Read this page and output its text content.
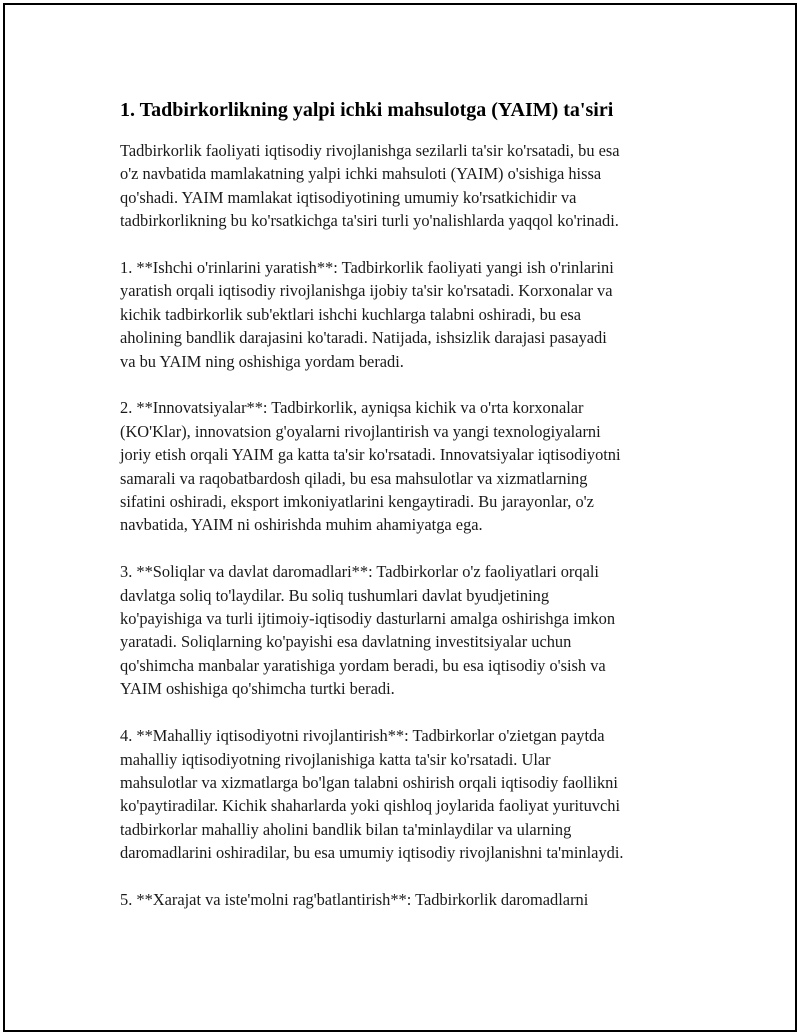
1. Tadbirkorlikning yalpi ichki mahsulotga (YAIM) ta'siri

Tadbirkorlik faoliyati iqtisodiy rivojlanishga sezilarli ta'sir ko'rsatadi, bu esa
o'z navbatida mamlakatning yalpi ichki mahsuloti (YAIM) o'sishiga hissa
qo'shadi. YAIM mamlakat iqtisodiyotining umumiy ko'rsatkichidir va
tadbirkorlikning bu ko'rsatkichga ta'siri turli yo'nalishlarda yaqqol ko'rinadi.

1. **Ishchi o'rinlarini yaratish**: Tadbirkorlik faoliyati yangi ish o'rinlarini
yaratish orqali iqtisodiy rivojlanishga ijobiy ta'sir ko'rsatadi. Korxonalar va
kichik tadbirkorlik sub'ektlari ishchi kuchlarga talabni oshiradi, bu esa
aholining bandlik darajasini ko'taradi. Natijada, ishsizlik darajasi pasayadi
va bu YAIM ning oshishiga yordam beradi.

2. **Innovatsiyalar**: Tadbirkorlik, ayniqsa kichik va o'rta korxonalar
(KO'Klar), innovatsion g'oyalarni rivojlantirish va yangi texnologiyalarni
joriy etish orqali YAIM ga katta ta'sir ko'rsatadi. Innovatsiyalar iqtisodiyotni
samarali va raqobatbardosh qiladi, bu esa mahsulotlar va xizmatlarning
sifatini oshiradi, eksport imkoniyatlarini kengaytiradi. Bu jarayonlar, o'z
navbatida, YAIM ni oshirishda muhim ahamiyatga ega.

3. **Soliqlar va davlat daromadlari**: Tadbirkorlar o'z faoliyatlari orqali
davlatga soliq to'laydilar. Bu soliq tushumlari davlat byudjetining
ko'payishiga va turli ijtimoiy-iqtisodiy dasturlarni amalga oshirishga imkon
yaratadi. Soliqlarning ko'payishi esa davlatning investitsiyalar uchun
qo'shimcha manbalar yaratishiga yordam beradi, bu esa iqtisodiy o'sish va
YAIM oshishiga qo'shimcha turtki beradi.

4. **Mahalliy iqtisodiyotni rivojlantirish**: Tadbirkorlar o'zietgan paytda
mahalliy iqtisodiyotning rivojlanishiga katta ta'sir ko'rsatadi. Ular
mahsulotlar va xizmatlarga bo'lgan talabni oshirish orqali iqtisodiy faollikni
ko'paytiradilar. Kichik shaharlarda yoki qishloq joylarida faoliyat yurituvchi
tadbirkorlar mahalliy aholini bandlik bilan ta'minlaydilar va ularning
daromadlarini oshiradilar, bu esa umumiy iqtisodiy rivojlanishni ta'minlaydi.

5. **Xarajat va iste'molni rag'batlantirish**: Tadbirkorlik daromadlarni
